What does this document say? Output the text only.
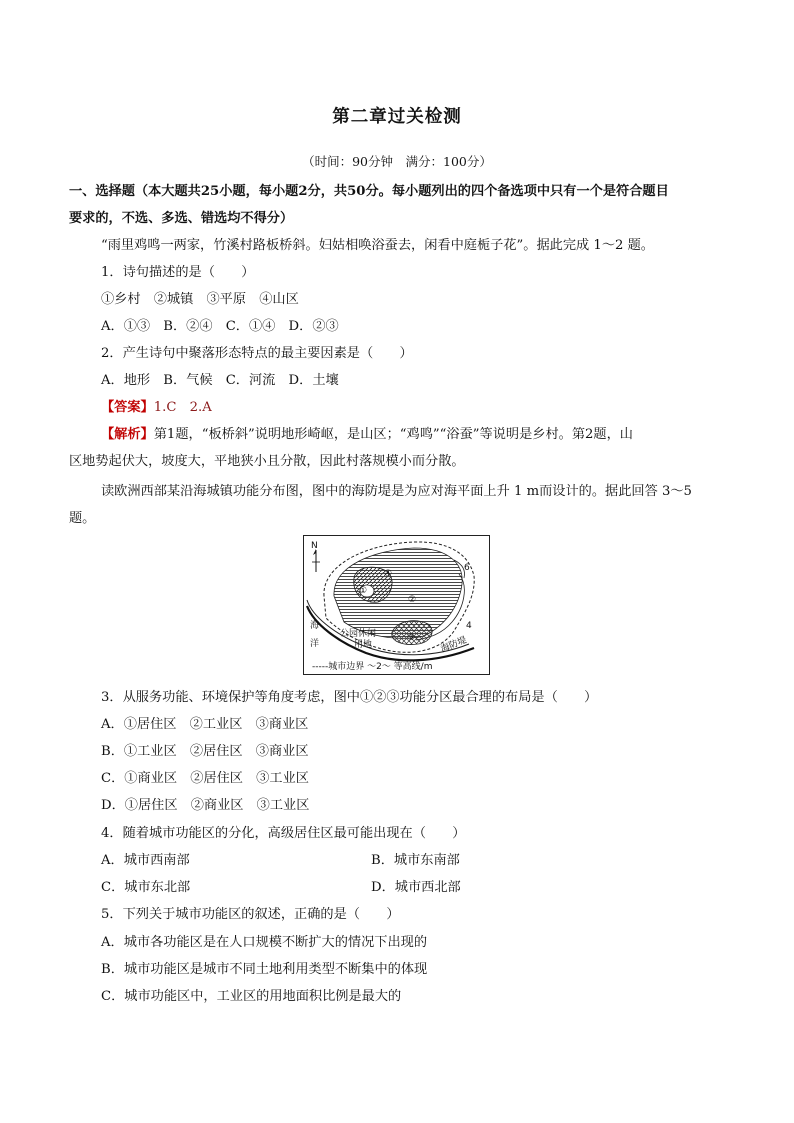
第二章过关检测
（时间：90分钟　满分：100分）
一、选择题（本大题共25小题，每小题2分，共50分。每小题列出的四个备选项中只有一个是符合题目
要求的，不选、多选、错选均不得分）
“雨里鸡鸣一两家，竹溪村路板桥斜。妇姑相唤浴蚕去，闲看中庭栀子花”。据此完成 1～2 题。
1．诗句描述的是（　　）
①乡村　②城镇　③平原　④山区
A．①③　B．②④　C．①④　D．②③
2．产生诗句中聚落形态特点的最主要因素是（　　）
A．地形　B．气候　C．河流　D．土壤
【答案】1.C　2.A
【解析】第1题，“板桥斜”说明地形崎岖，是山区；“鸡鸣”“浴蚕”等说明是乡村。第2题，山
区地势起伏大，坡度大，平地狭小且分散，因此村落规模小而分散。
读欧洲西部某沿海城镇功能分布图，图中的海防堤是为应对海平面上升 1 m而设计的。据此回答 3～5
题。
N
①
②
③
④
4
6
海
洋
公园休闲
用地	海防堤
-----城市边界 ～2～ 等高线/m
3．从服务功能、环境保护等角度考虑，图中①②③功能分区最合理的布局是（　　）
A．①居住区　②工业区　③商业区
B．①工业区　②居住区　③商业区
C．①商业区　②居住区　③工业区
D．①居住区　②商业区　③工业区
4．随着城市功能区的分化，高级居住区最可能出现在（　　）
A．城市西南部	B．城市东南部
C．城市东北部	D．城市西北部
5．下列关于城市功能区的叙述，正确的是（　　）
A．城市各功能区是在人口规模不断扩大的情况下出现的
B．城市功能区是城市不同土地利用类型不断集中的体现
C．城市功能区中，工业区的用地面积比例是最大的
